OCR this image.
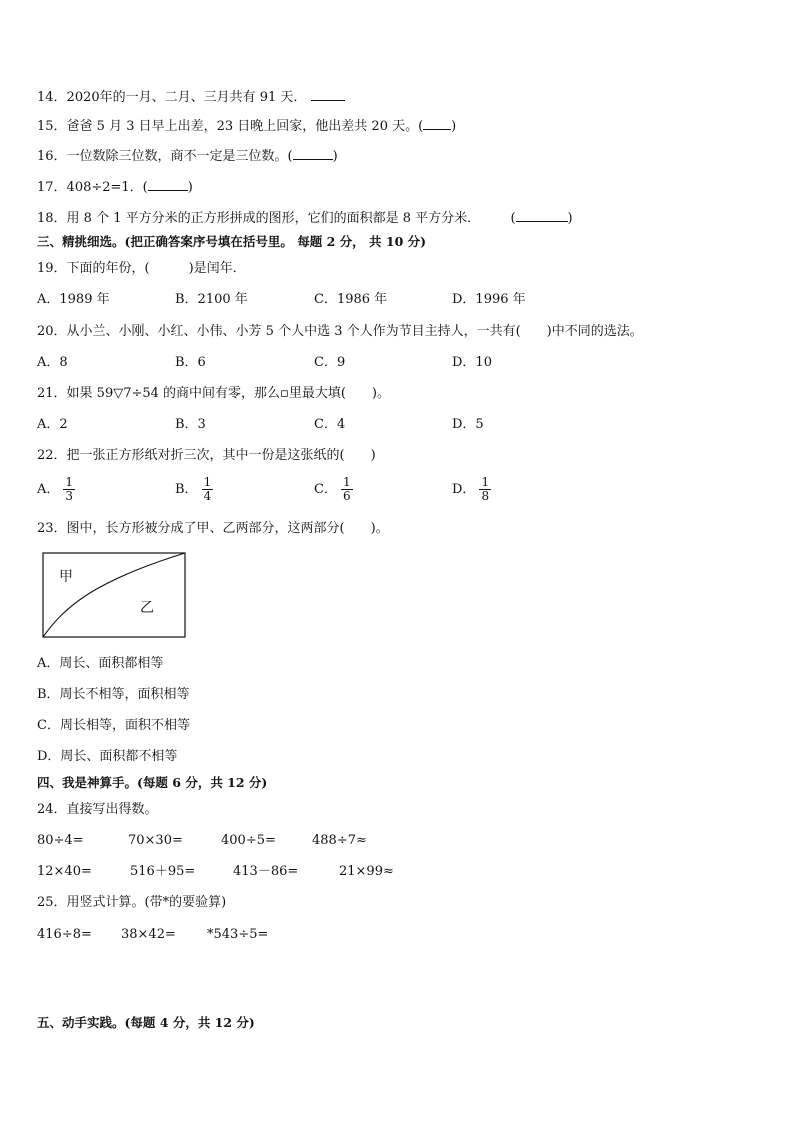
14．2020年的一月、二月、三月共有 91 天．
15．爸爸 5 月 3 日早上出差，23 日晚上回家，他出差共 20 天。( )
16．一位数除三位数，商不一定是三位数。(	)
17．408÷2=1．(	)
18．用 8 个 1 平方分米的正方形拼成的图形，它们的面积都是 8 平方分米． (	)
三、精挑细选。(把正确答案序号填在括号里。 每题 2 分， 共 10 分)
19．下面的年份，(　　　)是闰年．
A．1989 年	B．2100 年	C．1986 年	D．1996 年
20．从小兰、小刚、小红、小伟、小芳 5 个人中选 3 个人作为节目主持人，一共有(　　)中不同的选法。
A．8	B．6	C．9	D．10
21．如果 59▽7÷54 的商中间有零，那么▫里最大填(　　)。
A．2	B．3	C．4	D．5
22．把一张正方形纸对折三次，其中一份是这张纸的(　　)
A． $\frac{1}{3}$	B． $\frac{1}{4}$	C． $\frac{1}{6}$	D． $\frac{1}{8}$
23．图中，长方形被分成了甲、乙两部分，这两部分(　　)。
甲
乙
A．周长、面积都相等
B．周长不相等，面积相等
C．周长相等，面积不相等
D．周长、面积都不相等
四、我是神算手。(每题 6 分，共 12 分)
24．直接写出得数。
80÷4=	70×30=	400÷5=	488÷7≈
12×40=	516＋95=	413－86=	21×99≈
25．用竖式计算。(带*的要验算)
416÷8= 38×42= *543÷5=
五、动手实践。(每题 4 分，共 12 分)
